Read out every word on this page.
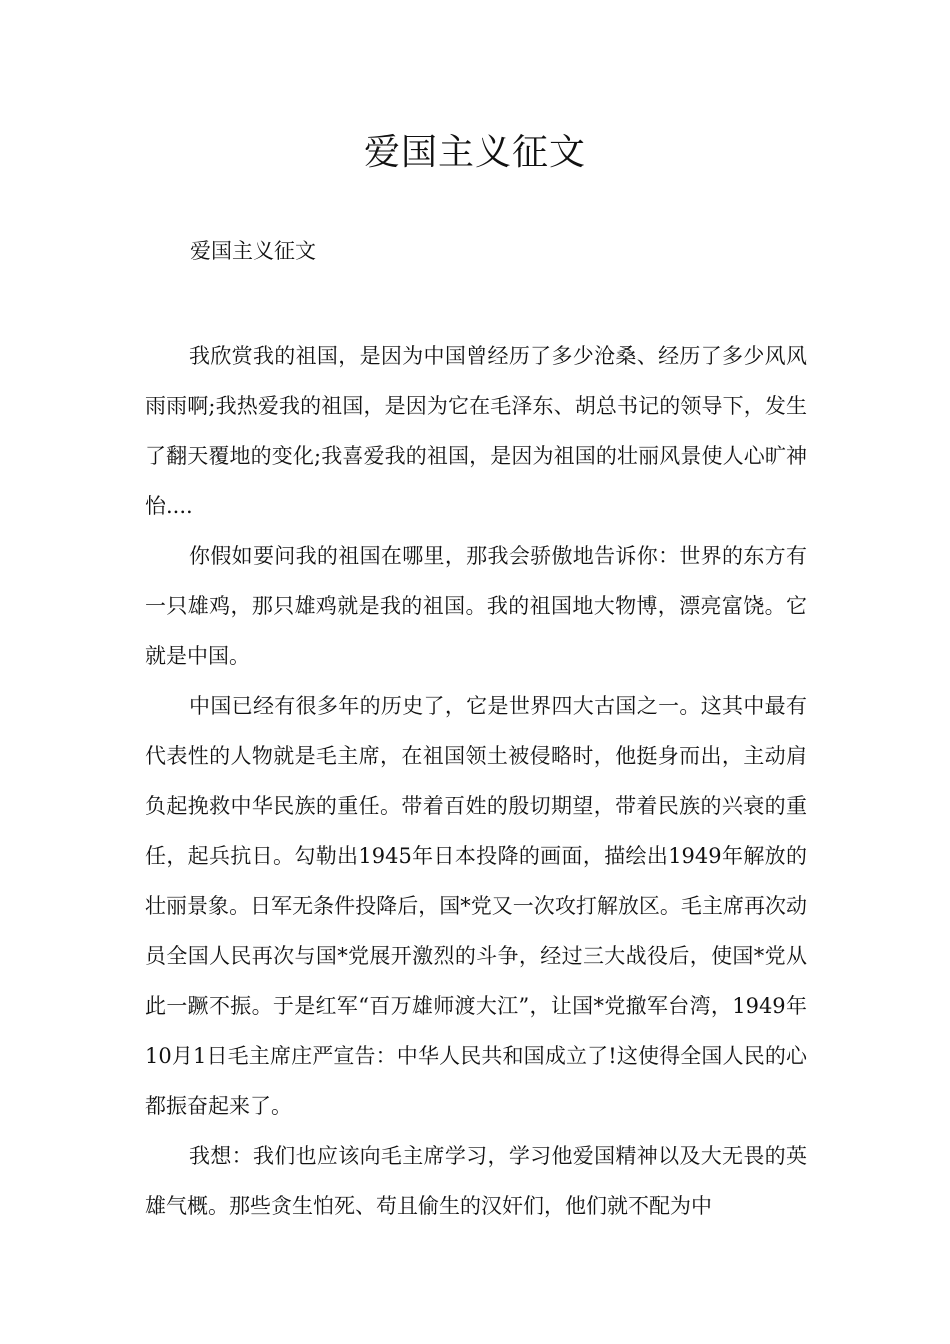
爱国主义征文

爱国主义征文

我欣赏我的祖国，是因为中国曾经历了多少沧桑、经历了多少风风雨雨啊;我热爱我的祖国，是因为它在毛泽东、胡总书记的领导下，发生了翻天覆地的变化;我喜爱我的祖国，是因为祖国的壮丽风景使人心旷神怡....

你假如要问我的祖国在哪里，那我会骄傲地告诉你：世界的东方有一只雄鸡，那只雄鸡就是我的祖国。我的祖国地大物博，漂亮富饶。它就是中国。

中国已经有很多年的历史了，它是世界四大古国之一。这其中最有代表性的人物就是毛主席，在祖国领土被侵略时，他挺身而出，主动肩负起挽救中华民族的重任。带着百姓的殷切期望，带着民族的兴衰的重任，起兵抗日。勾勒出1945年日本投降的画面，描绘出1949年解放的壮丽景象。日军无条件投降后，国*党又一次攻打解放区。毛主席再次动员全国人民再次与国*党展开激烈的斗争，经过三大战役后，使国*党从此一蹶不振。于是红军“百万雄师渡大江”，让国*党撤军台湾，1949年10月1日毛主席庄严宣告：中华人民共和国成立了!这使得全国人民的心都振奋起来了。

我想：我们也应该向毛主席学习，学习他爱国精神以及大无畏的英雄气概。那些贪生怕死、苟且偷生的汉奸们，他们就不配为中
